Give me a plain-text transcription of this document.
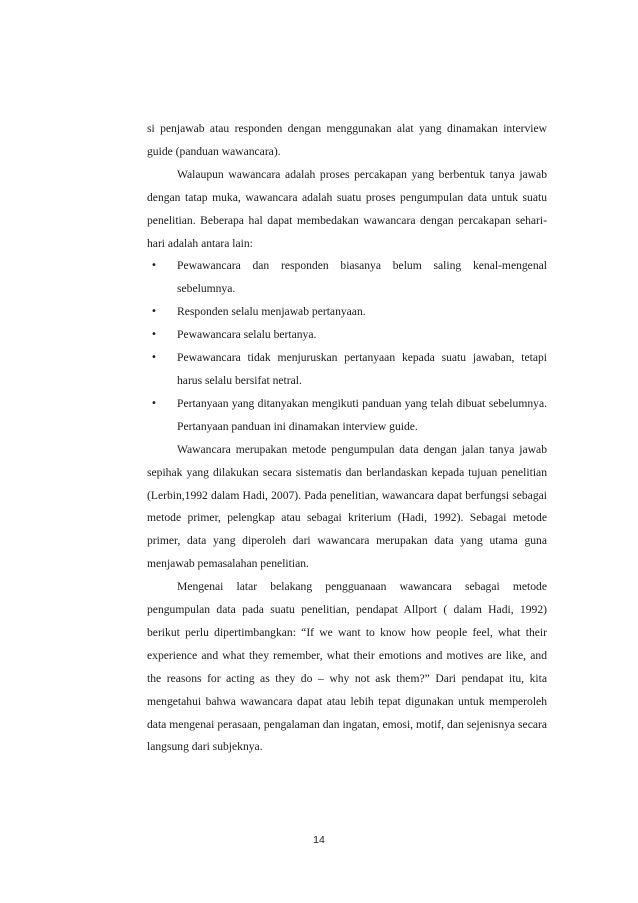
si penjawab atau responden dengan menggunakan alat yang dinamakan interview guide (panduan wawancara).

Walaupun wawancara adalah proses percakapan yang berbentuk tanya jawab dengan tatap muka, wawancara adalah suatu proses pengumpulan data untuk suatu penelitian. Beberapa hal dapat membedakan wawancara dengan percakapan sehari-hari adalah antara lain:

• Pewawancara dan responden biasanya belum saling kenal-mengenal sebelumnya.
• Responden selalu menjawab pertanyaan.
• Pewawancara selalu bertanya.
• Pewawancara tidak menjuruskan pertanyaan kepada suatu jawaban, tetapi harus selalu bersifat netral.
• Pertanyaan yang ditanyakan mengikuti panduan yang telah dibuat sebelumnya. Pertanyaan panduan ini dinamakan interview guide.

Wawancara merupakan metode pengumpulan data dengan jalan tanya jawab sepihak yang dilakukan secara sistematis dan berlandaskan kepada tujuan penelitian (Lerbin,1992 dalam Hadi, 2007). Pada penelitian, wawancara dapat berfungsi sebagai metode primer, pelengkap atau sebagai kriterium (Hadi, 1992). Sebagai metode primer, data yang diperoleh dari wawancara merupakan data yang utama guna menjawab pemasalahan penelitian.

Mengenai latar belakang pengguanaan wawancara sebagai metode pengumpulan data pada suatu penelitian, pendapat Allport ( dalam Hadi, 1992) berikut perlu dipertimbangkan: “If we want to know how people feel, what their experience and what they remember, what their emotions and motives are like, and the reasons for acting as they do – why not ask them?” Dari pendapat itu, kita mengetahui bahwa wawancara dapat atau lebih tepat digunakan untuk memperoleh data mengenai perasaan, pengalaman dan ingatan, emosi, motif, dan sejenisnya secara langsung dari subjeknya.

14
